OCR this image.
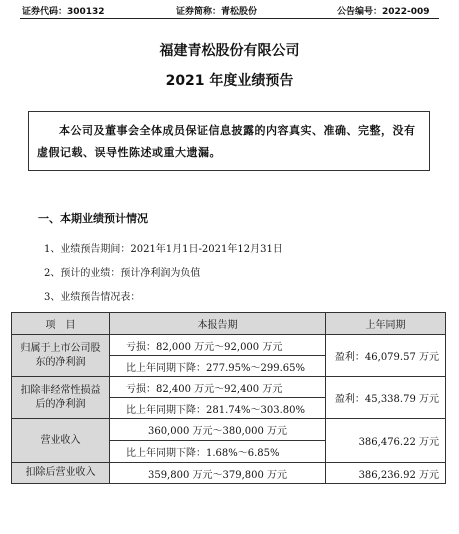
证券代码：300132	证券简称：青松股份	公告编号：2022-009
福建青松股份有限公司
2021 年度业绩预告
本公司及董事会全体成员保证信息披露的内容真实、准确、完整，没有虚假记载、误导性陈述或重大遗漏。
一、本期业绩预计情况
1、业绩预告期间：2021年1月1日-2021年12月31日
2、预计的业绩：预计净利润为负值
3、业绩预告情况表：
项　目	本报告期	上年同期
归属于上市公司股东的净利润	亏损：82,000 万元～92,000 万元	盈利：46,079.57 万元
	比上年同期下降：277.95%～299.65%	
扣除非经常性损益后的净利润	亏损：82,400 万元～92,400 万元	盈利：45,338.79 万元
	比上年同期下降：281.74%～303.80%	
营业收入	360,000 万元～380,000 万元	386,476.22 万元
	比上年同期下降：1.68%～6.85%	
扣除后营业收入	359,800 万元～379,800 万元	386,236.92 万元
